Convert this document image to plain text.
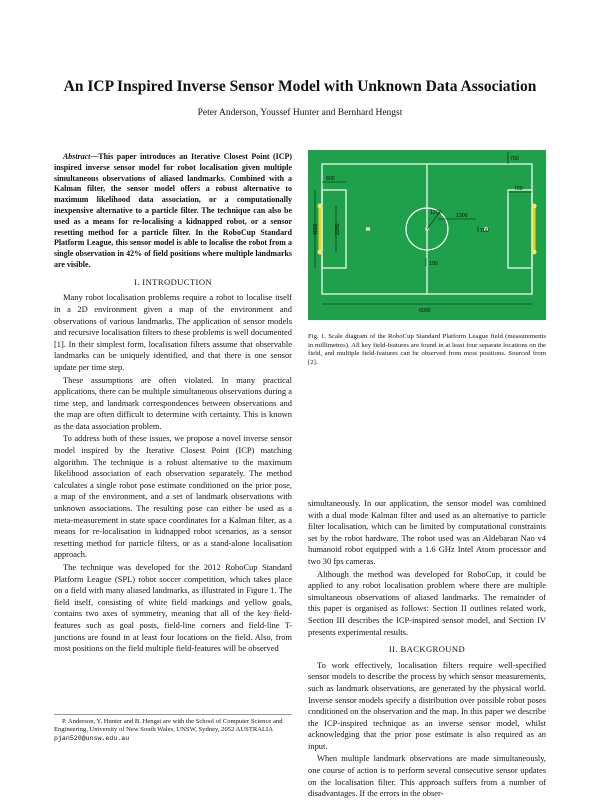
An ICP Inspired Inverse Sensor Model with Unknown Data Association
Peter Anderson, Youssef Hunter and Bernhard Hengst

Abstract—This paper introduces an Iterative Closest Point (ICP) inspired inverse sensor model for robot localisation given multiple simultaneous observations of aliased landmarks. Combined with a Kalman filter, the sensor model offers a robust alternative to maximum likelihood data association, or a computationally inexpensive alternative to a particle filter. The technique can also be used as a means for re-localising a kidnapped robot, or a sensor resetting method for a particle filter. In the RoboCup Standard Platform League, this sensor model is able to localise the robot from a single observation in 42% of field positions where multiple landmarks are visible.

I. INTRODUCTION

Many robot localisation problems require a robot to localise itself in a 2D environment given a map of the environment and observations of various landmarks. The application of sensor models and recursive localisation filters to these problems is well documented [1]. In their simplest form, localisation filters assume that observable landmarks can be uniquely identified, and that there is one sensor update per time step.

These assumptions are often violated. In many practical applications, there can be multiple simultaneous observations during a time step, and landmark correspondences between observations and the map are often difficult to determine with certainty. This is known as the data association problem.

To address both of these issues, we propose a novel inverse sensor model inspired by the Iterative Closest Point (ICP) matching algorithm. The technique is a robust alternative to the maximum likelihood association of each observation separately. The method calculates a single robot pose estimate conditioned on the prior pose, a map of the environment, and a set of landmark observations with unknown associations. The resulting pose can either be used as a meta-measurement in state space coordinates for a Kalman filter, as a means for re-localisation in kidnapped robot scenarios, as a sensor resetting method for particle filters, or as a stand-alone localisation approach.

The technique was developed for the 2012 RoboCup Standard Platform League (SPL) robot soccer competition, which takes place on a field with many aliased landmarks, as illustrated in Figure 1. The field itself, consisting of white field markings and yellow goals, contains two axes of symmetry, meaning that all of the key field-features such as goal posts, field-line corners and field-line T-junctions are found in at least four locations on the field. Also, from most positions on the field multiple field-features will be observed

P. Anderson, Y. Hunter and B. Hengst are with the School of Computer Science and Engineering, University of New South Wales, UNSW, Sydney, 2052 AUSTRALIA pjan520@unsw.edu.au
700
600
700
4000	2200
1200	1300
100
100
6000
Fig. 1. Scale diagram of the RoboCup Standard Platform League field (measurements in millimetres). All key field-features are found in at least four separate locations on the field, and multiple field-features can be observed from most positions. Sourced from [2].

simultaneously. In our application, the sensor model was combined with a dual mode Kalman filter and used as an alternative to particle filter localisation, which can be limited by computational constraints set by the robot hardware. The robot used was an Aldebaran Nao v4 humanoid robot equipped with a 1.6 GHz Intel Atom processor and two 30 fps cameras.

Although the method was developed for RoboCup, it could be applied to any robot localisation problem where there are multiple simultaneous observations of aliased landmarks. The remainder of this paper is organised as follows: Section II outlines related work, Section III describes the ICP-inspired sensor model, and Section IV presents experimental results.

II. BACKGROUND

To work effectively, localisation filters require well-specified sensor models to describe the process by which sensor measurements, such as landmark observations, are generated by the physical world. Inverse sensor models specify a distribution over possible robot poses conditioned on the observation and the map. In this paper we describe the ICP-inspired technique as an inverse sensor model, whilst acknowledging that the prior pose estimate is also required as an input.

When multiple landmark observations are made simultaneously, one course of action is to perform several consecutive sensor updates on the localisation filter. This approach suffers from a number of disadvantages. If the errors in the obser-
